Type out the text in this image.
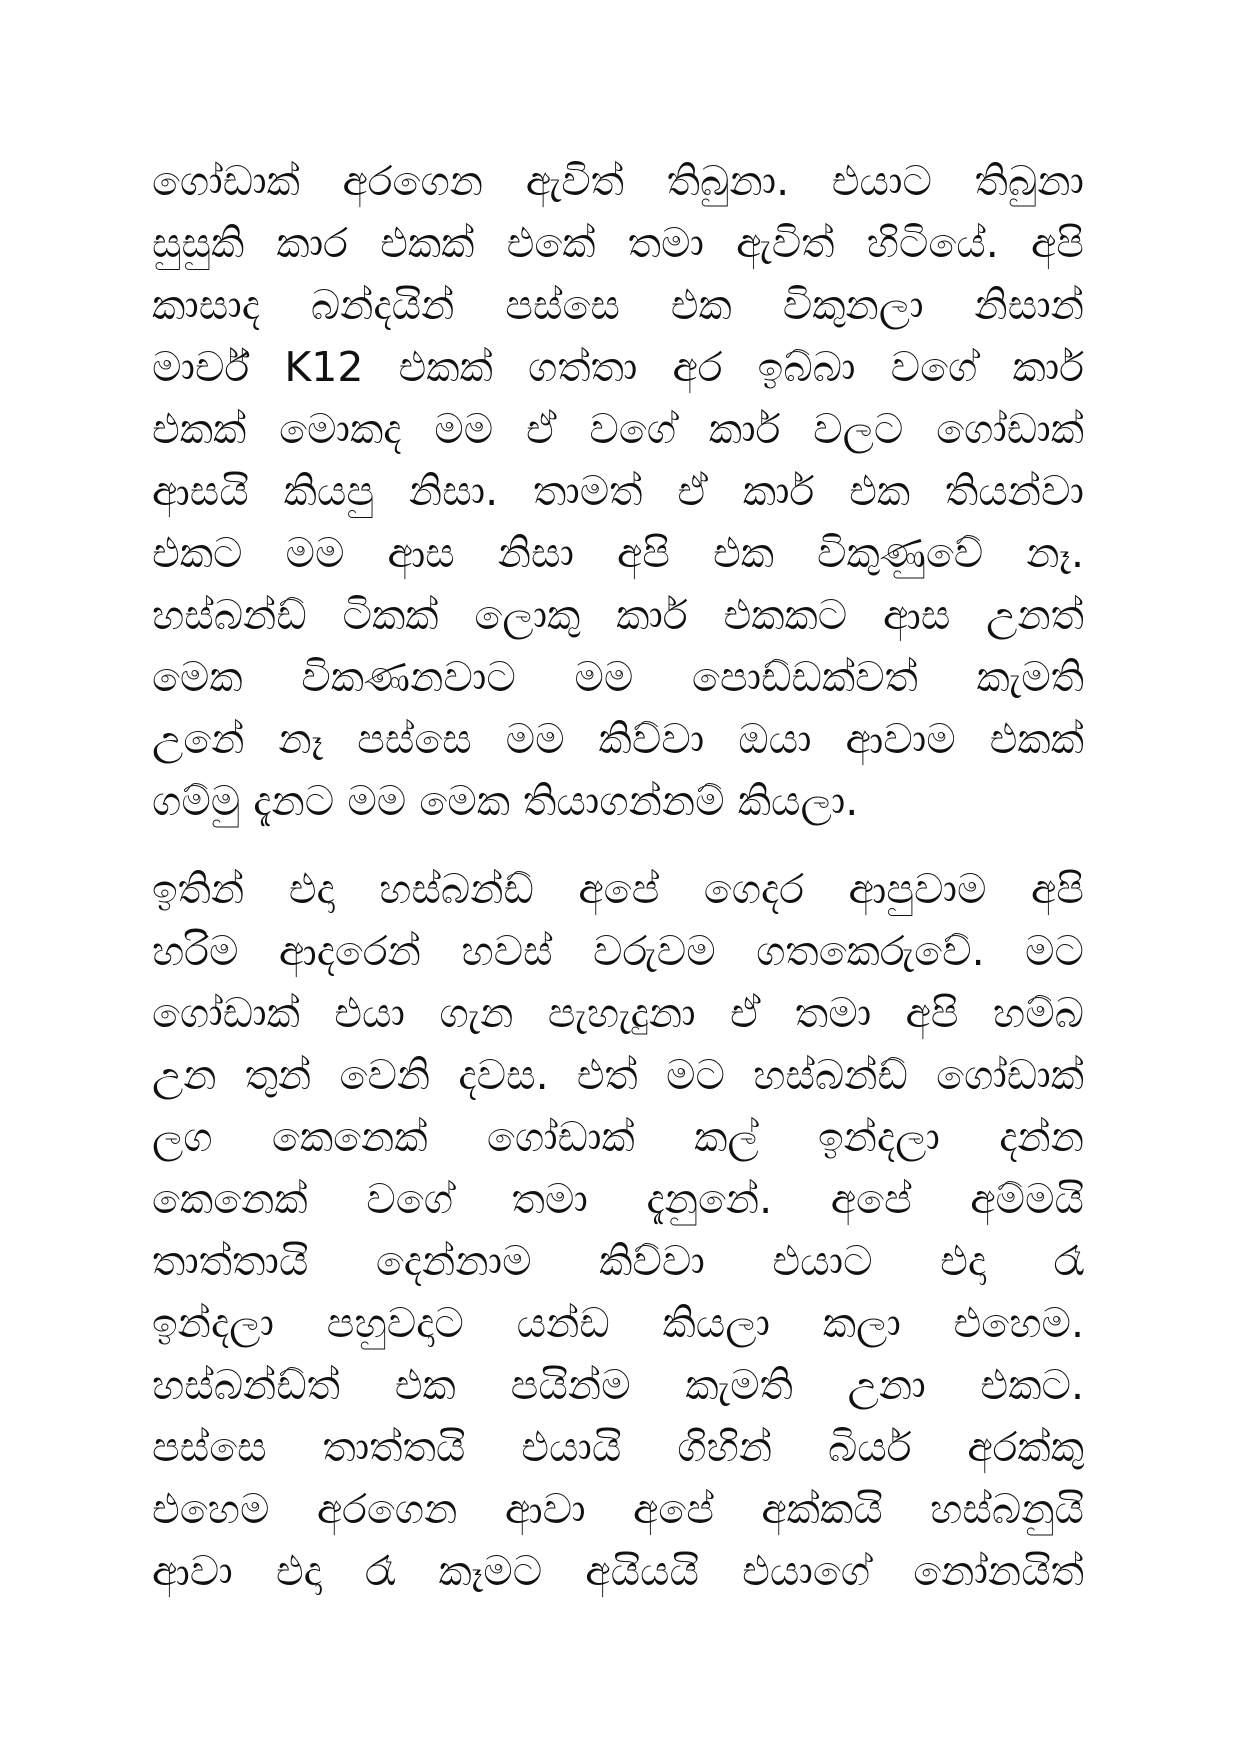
ගෝඩාක් අරගෙන ඇවිත් තිබුනා. එයාට තිබුනා
සුසුකි කාර එකක් එකේ තමා ඇවිත් හිටියේ. අපි
කාසාද බන්දයින් පස්සෙ එක විකුනලා නිසාන්
මාර්ච් K12 එකක් ගත්තා අර ඉබ්බා වගේ කාර්
එකක් මොකද මම ඒ වගේ කාර් වලට ගෝඩාක්
ආසයි කියපු නිසා. තාමත් ඒ කාර් එක තියන්වා
එකට මම ආස නිසා අපි එක විකුණුවේ නෑ.
හස්බන්ඩ් ටිකක් ලොකු කාර් එකකට ආස උනත්
මෙක විකණනවාට මම පොඩ්ඩක්වත් කැමති
උනේ නෑ පස්සෙ මම කිව්වා ඔයා ආවාම එකක්
ගම්මු දැනට මම මෙක තියාගන්නම් කියලා.

ඉතින් එදා හස්බන්ඩ් අපේ ගෙදර ආපුවාම අපි
හරිම ආදරෙන් හවස් වරුවම ගතකෙරුවේ. මට
ගෝඩාක් එයා ගැන පැහැදුනා ඒ තමා අපි හම්බ
උන තුන් වෙනි දවස. එත් මට හස්බන්ඩ් ගෝඩාක්
ලග කෙනෙක් ගෝඩාක් කල් ඉන්දලා දන්න
කෙනෙක් වගේ තමා දැනුනේ. අපේ අම්මයි
තාත්තායි දෙන්නාම කිව්වා එයාට එදා රෑ
ඉන්දලා පහුවදාට යන්ඩ කියලා කලා එහෙම.
හස්බන්ඩ්ත් එක පයින්ම කැමති උනා එකට.
පස්සෙ තාත්තයි එයායි ගිහින් බියර් අරක්කු
එහෙම අරගෙන ආවා අපේ අක්කයි හස්බනුයි
ආවා එදා රෑ කෑමට අයියයි එයාගේ නෝනයිත්
